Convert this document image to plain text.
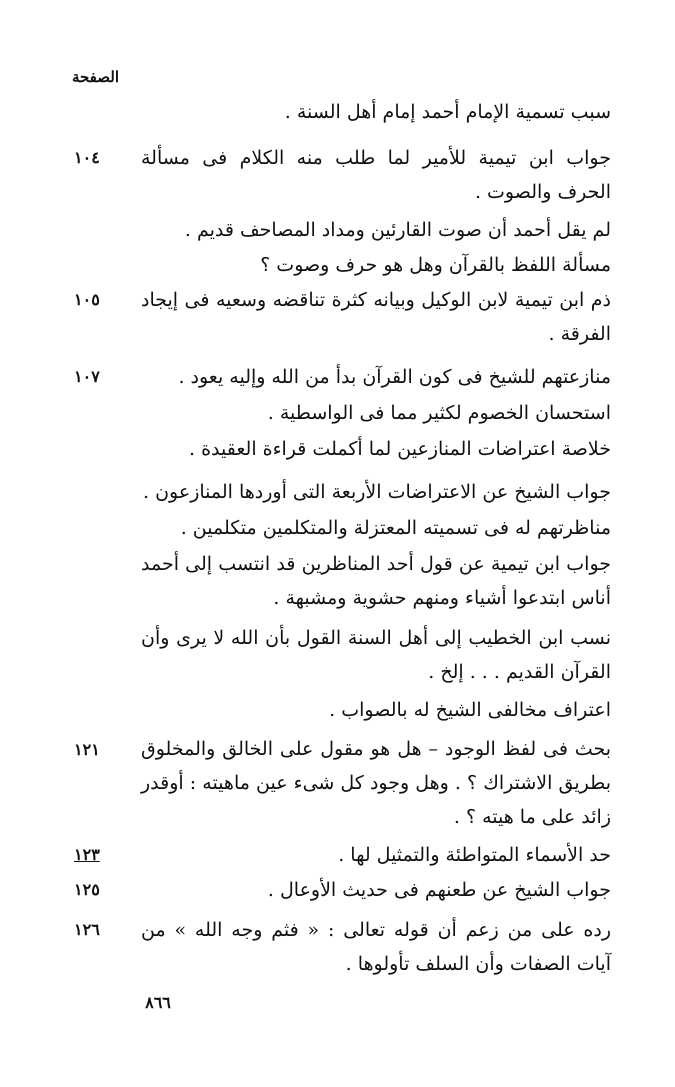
الصفحة
سبب تسمية الإمام أحمد إمام أهل السنة .
جواب ابن تيمية للأمير لما طلب منه الكلام فى مسألة الحرف والصوت .
١٠٤
لم يقل أحمد أن صوت القارئين ومداد المصاحف قديم .
مسألة اللفظ بالقرآن وهل هو حرف وصوت ؟
ذم ابن تيمية لابن الوكيل وبيانه كثرة تناقضه وسعيه فى إيجاد الفرقة .
١٠٥
منازعتهم للشيخ فى كون القرآن بدأ من الله وإليه يعود .
١٠٧
استحسان الخصوم لكثير مما فى الواسطية .
خلاصة اعتراضات المنازعين لما أكملت قراءة العقيدة .
جواب الشيخ عن الاعتراضات الأربعة التى أوردها المنازعون .
مناظرتهم له فى تسميته المعتزلة والمتكلمين متكلمين .
جواب ابن تيمية عن قول أحد المناظرين قد انتسب إلى أحمد أناس ابتدعوا أشياء ومنهم حشوية ومشبهة .
نسب ابن الخطيب إلى أهل السنة القول بأن الله لا يرى وأن القرآن القديم . . . إلخ .
اعتراف مخالفى الشيخ له بالصواب .
بحث فى لفظ الوجود – هل هو مقول على الخالق والمخلوق بطريق الاشتراك ؟ . وهل وجود كل شىء عين ماهيته : أوقدر زائد على ما هيته ؟ .
١٢١
حد الأسماء المتواطئة والتمثيل لها .
١٢٣
جواب الشيخ عن طعنهم فى حديث الأوعال .
١٢٥
رده على من زعم أن قوله تعالى : « فثم وجه الله » من آيات الصفات وأن السلف تأولوها .
١٢٦
٨٦٦
